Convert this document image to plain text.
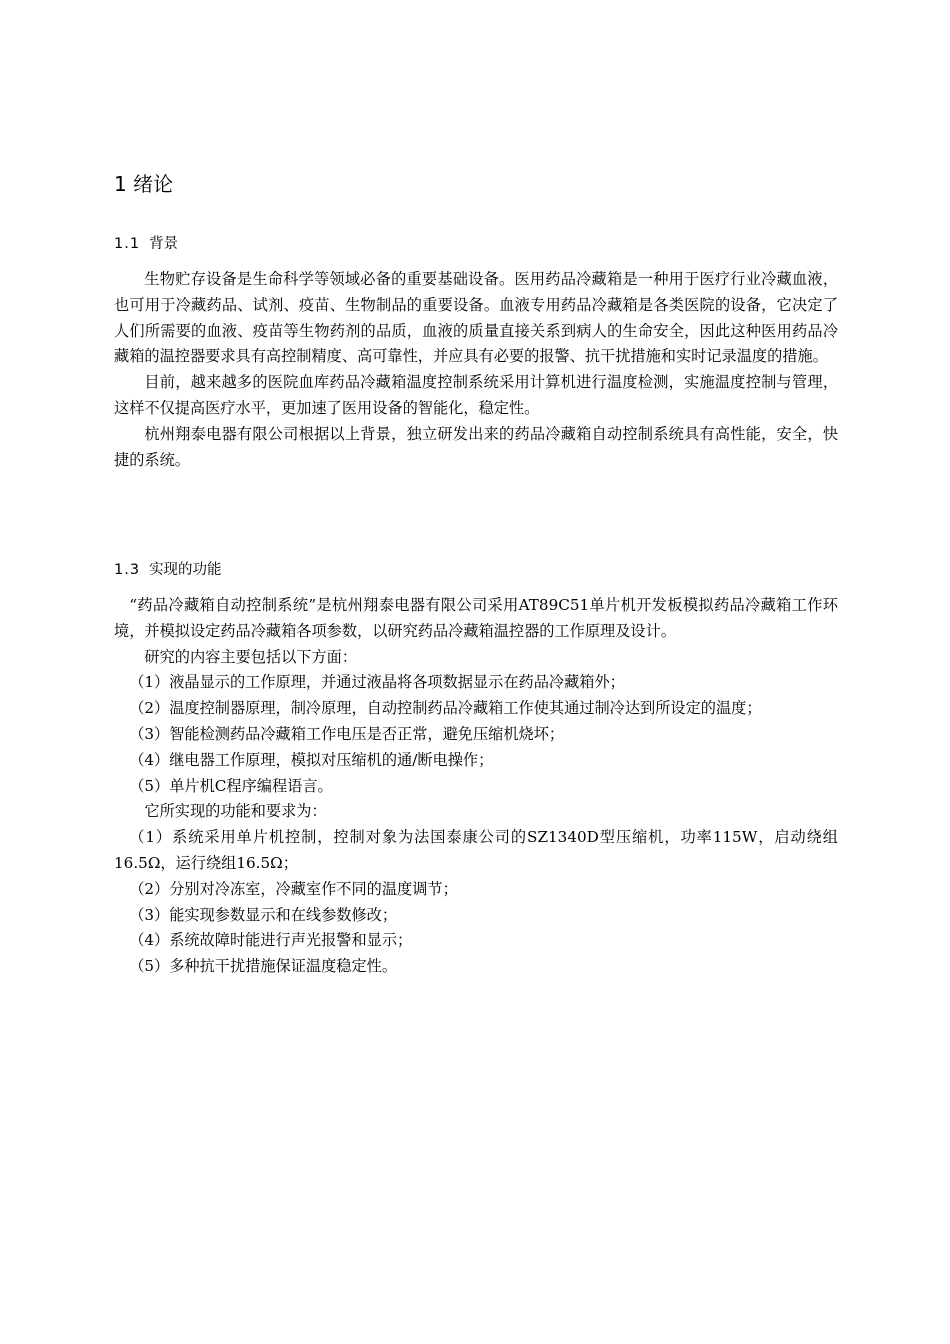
1 绪论
1.1 背景

生物贮存设备是生命科学等领域必备的重要基础设备。医用药品冷藏箱是一种用于医疗行业冷藏血液，也可用于冷藏药品、试剂、疫苗、生物制品的重要设备。血液专用药品冷藏箱是各类医院的设备，它决定了人们所需要的血液、疫苗等生物药剂的品质，血液的质量直接关系到病人的生命安全，因此这种医用药品冷藏箱的温控器要求具有高控制精度、高可靠性，并应具有必要的报警、抗干扰措施和实时记录温度的措施。

目前，越来越多的医院血库药品冷藏箱温度控制系统采用计算机进行温度检测，实施温度控制与管理，这样不仅提高医疗水平，更加速了医用设备的智能化，稳定性。

杭州翔泰电器有限公司根据以上背景，独立研发出来的药品冷藏箱自动控制系统具有高性能，安全，快捷的系统。

1.3 实现的功能

“药品冷藏箱自动控制系统”是杭州翔泰电器有限公司采用AT89C51单片机开发板模拟药品冷藏箱工作环境，并模拟设定药品冷藏箱各项参数，以研究药品冷藏箱温控器的工作原理及设计。

研究的内容主要包括以下方面：

（1）液晶显示的工作原理，并通过液晶将各项数据显示在药品冷藏箱外；

（2）温度控制器原理，制冷原理，自动控制药品冷藏箱工作使其通过制冷达到所设定的温度；

（3）智能检测药品冷藏箱工作电压是否正常，避免压缩机烧坏；

（4）继电器工作原理，模拟对压缩机的通/断电操作；

（5）单片机C程序编程语言。

它所实现的功能和要求为：

（1）系统采用单片机控制，控制对象为法国泰康公司的SZ1340D型压缩机，功率115W，启动绕组16.5Ω，运行绕组16.5Ω；

（2）分别对冷冻室，冷藏室作不同的温度调节；

（3）能实现参数显示和在线参数修改；

（4）系统故障时能进行声光报警和显示；

（5）多种抗干扰措施保证温度稳定性。
